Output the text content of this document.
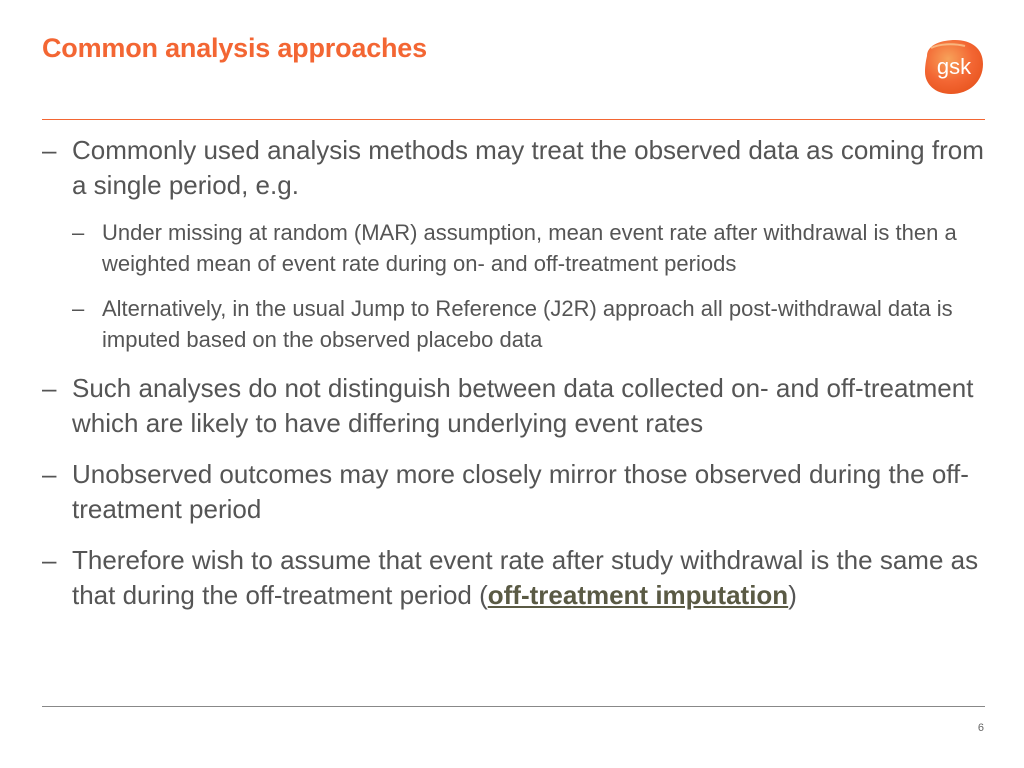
Common analysis approaches
gsk
– Commonly used analysis methods may treat the observed data as coming from a single period, e.g.
– Under missing at random (MAR) assumption, mean event rate after withdrawal is then a weighted mean of event rate during on- and off-treatment periods
– Alternatively, in the usual Jump to Reference (J2R) approach all post-withdrawal data is imputed based on the observed placebo data
– Such analyses do not distinguish between data collected on- and off-treatment which are likely to have differing underlying event rates
– Unobserved outcomes may more closely mirror those observed during the off-treatment period
– Therefore wish to assume that event rate after study withdrawal is the same as that during the off-treatment period (off-treatment imputation)
6
